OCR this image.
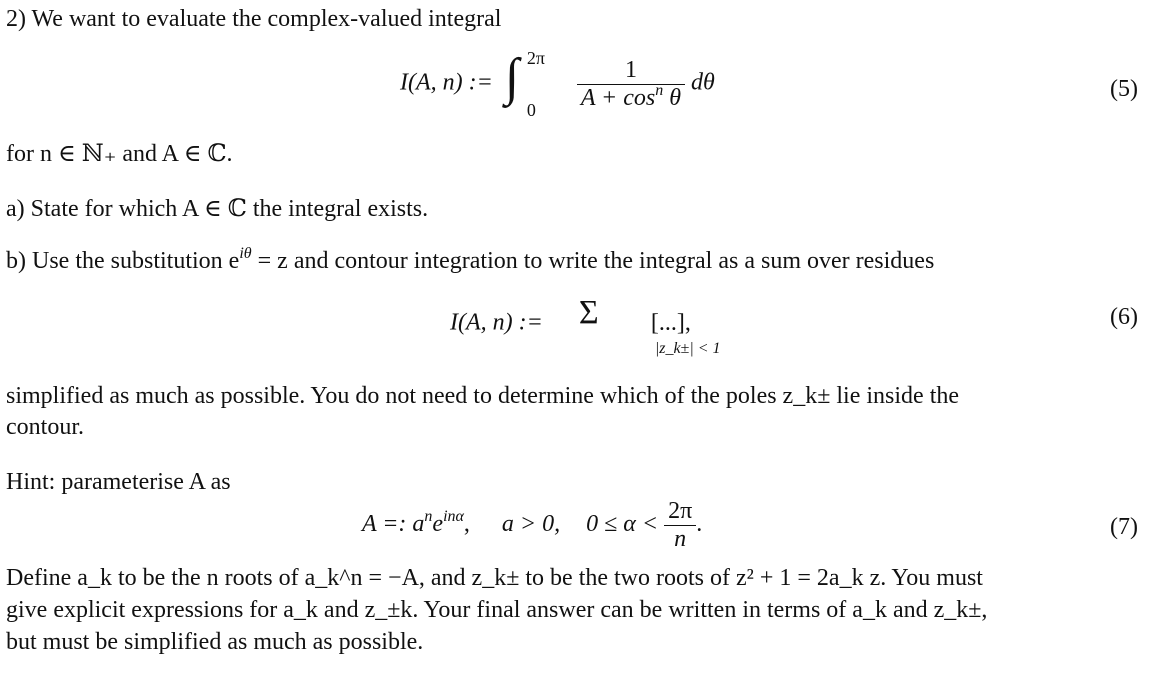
2) We want to evaluate the complex-valued integral
I(A, n) := ∫ 2π
0
$\frac{1}{A + \cos^n \theta}$ dθ	(5)
for n ∈ ℕ₊ and A ∈ ℂ.
a) State for which A ∈ ℂ the integral exists.
b) Use the substitution $e^{i\theta} = z$ and contour integration to write the integral as a sum over residues
I(A, n) := Σ
|z_k±| < 1
[...],	(6)
simplified as much as possible. You do not need to determine which of the poles z_k± lie inside the
contour.
Hint: parameterise A as
A =: $a^ne^{in\alpha}$, a > 0, $0 \le \alpha < \frac{2\pi}{n}$ .	(7)
Define a_k to be the n roots of a_k^n = −A, and z_k± to be the two roots of z² + 1 = 2a_k z. You must
give explicit expressions for a_k and z_±k. Your final answer can be written in terms of a_k and z_k±,
but must be simplified as much as possible.
